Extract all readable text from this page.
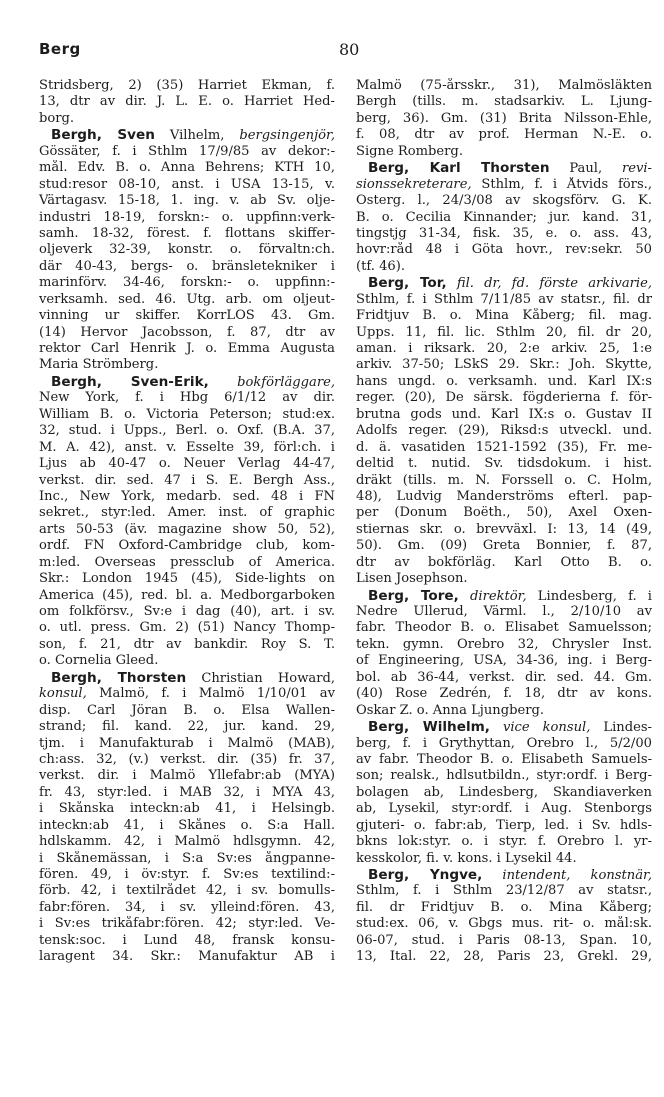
Berg	80
Stridsberg, 2) (35) Harriet Ekman, f.
13, dtr av dir. J. L. E. o. Harriet Hed-
borg.
Bergh, Sven Vilhelm, bergsingenjör,
Gössäter, f. i Sthlm 17/9/85 av dekor:-
mål. Edv. B. o. Anna Behrens; KTH 10,
stud:resor 08-10, anst. i USA 13-15, v.
Värtagasv. 15-18, 1. ing. v. ab Sv. olje-
industri 18-19, forskn:- o. uppfinn:verk-
samh. 18-32, förest. f. flottans skiffer-
oljeverk 32-39, konstr. o. förvaltn:ch.
där 40-43, bergs- o. bränsletekniker i
marinförv. 34-46, forskn:- o. uppfinn:-
verksamh. sed. 46. Utg. arb. om oljeut-
vinning ur skiffer. KorrLÖS 43. Gm.
(14) Hervor Jacobsson, f. 87, dtr av
rektor Carl Henrik J. o. Emma Augusta
Maria Strömberg.
Bergh, Sven-Erik, bokförläggare,
New York, f. i Hbg 6/1/12 av dir.
William B. o. Victoria Peterson; stud:ex.
32, stud. i Upps., Berl. o. Oxf. (B.A. 37,
M. A. 42), anst. v. Esselte 39, förl:ch. i
Ljus ab 40-47 o. Neuer Verlag 44-47,
verkst. dir. sed. 47 i S. E. Bergh Ass.,
Inc., New York, medarb. sed. 48 i FN
sekret., styr:led. Amer. inst. of graphic
arts 50-53 (äv. magazine show 50, 52),
ordf. FN Oxford-Cambridge club, kom-
m:led. Overseas pressclub of America.
Skr.: London 1945 (45), Side-lights on
America (45), red. bl. a. Medborgarboken
om folkförsv., Sv:e i dag (40), art. i sv.
o. utl. press. Gm. 2) (51) Nancy Thomp-
son, f. 21, dtr av bankdir. Roy S. T.
o. Cornelia Gleed.
Bergh, Thorsten Christian Howard,
konsul, Malmö, f. i Malmö 1/10/01 av
disp. Carl Jöran B. o. Elsa Wallen-
strand; fil. kand. 22, jur. kand. 29,
tjm. i Manufakturab i Malmö (MAB),
ch:ass. 32, (v.) verkst. dir. (35) fr. 37,
verkst. dir. i Malmö Yllefabr:ab (MYA)
fr. 43, styr:led. i MAB 32, i MYA 43,
i Skånska inteckn:ab 41, i Helsingb.
inteckn:ab 41, i Skånes o. S:a Hall.
hdlskamm. 42, i Malmö hdlsgymn. 42,
i Skånemässan, i S:a Sv:es ångpanne-
fören. 49, i öv:styr. f. Sv:es textilind:-
förb. 42, i textilrådet 42, i sv. bomulls-
fabr:fören. 34, i sv. ylleind:fören. 43,
i Sv:es trikåfabr:fören. 42; styr:led. Ve-
tensk:soc. i Lund 48, fransk konsu-
laragent 34. Skr.: Manufaktur AB i
Malmö (75-årsskr., 31), Malmösläkten
Bergh (tills. m. stadsarkiv. L. Ljung-
berg, 36). Gm. (31) Brita Nilsson-Ehle,
f. 08, dtr av prof. Herman N.-E. o.
Signe Romberg.
Berg, Karl Thorsten Paul, revi-
sionssekreterare, Sthlm, f. i Åtvids förs.,
Österg. l., 24/3/08 av skogsförv. G. K.
B. o. Cecilia Kinnander; jur. kand. 31,
tingstjg 31-34, fisk. 35, e. o. ass. 43,
hovr:råd 48 i Göta hovr., rev:sekr. 50
(tf. 46).
Berg, Tor, fil. dr, fd. förste arkivarie,
Sthlm, f. i Sthlm 7/11/85 av statsr., fil. dr
Fridtjuv B. o. Mina Kåberg; fil. mag.
Upps. 11, fil. lic. Sthlm 20, fil. dr 20,
aman. i riksark. 20, 2:e arkiv. 25, 1:e
arkiv. 37-50; LSkS 29. Skr.: Joh. Skytte,
hans ungd. o. verksamh. und. Karl IX:s
reger. (20), De särsk. fögderierna f. för-
brutna gods und. Karl IX:s o. Gustav II
Adolfs reger. (29), Riksd:s utveckl. und.
d. ä. vasatiden 1521-1592 (35), Fr. me-
deltid t. nutid. Sv. tidsdokum. i hist.
dräkt (tills. m. N. Forssell o. C. Holm,
48), Ludvig Manderströms efterl. pap-
per (Donum Boëth., 50), Axel Oxen-
stiernas skr. o. brevväxl. I: 13, 14 (49,
50). Gm. (09) Greta Bonnier, f. 87,
dtr av bokförläg. Karl Otto B. o.
Lisen Josephson.
Berg, Tore, direktör, Lindesberg, f. i
Nedre Ullerud, Värml. l., 2/10/10 av
fabr. Theodor B. o. Elisabet Samuelsson;
tekn. gymn. Örebro 32, Chrysler Inst.
of Engineering, USA, 34-36, ing. i Berg-
bol. ab 36-44, verkst. dir. sed. 44. Gm.
(40) Rose Zedrén, f. 18, dtr av kons.
Oskar Z. o. Anna Ljungberg.
Berg, Wilhelm, vice konsul, Lindes-
berg, f. i Grythyttan, Örebro l., 5/2/00
av fabr. Theodor B. o. Elisabeth Samuels-
son; realsk., hdlsutbildn., styr:ordf. i Berg-
bolagen ab, Lindesberg, Skandiaverken
ab, Lysekil, styr:ordf. i Aug. Stenborgs
gjuteri- o. fabr:ab, Tierp, led. i Sv. hdls-
bkns lok:styr. o. i styr. f. Örebro l. yr-
kesskolor, fi. v. kons. i Lysekil 44.
Berg, Yngve, intendent, konstnär,
Sthlm, f. i Sthlm 23/12/87 av statsr.,
fil. dr Fridtjuv B. o. Mina Kåberg;
stud:ex. 06, v. Gbgs mus. rit- o. mål:sk.
06-07, stud. i Paris 08-13, Span. 10,
13, Ital. 22, 28, Paris 23, Grekl. 29,
